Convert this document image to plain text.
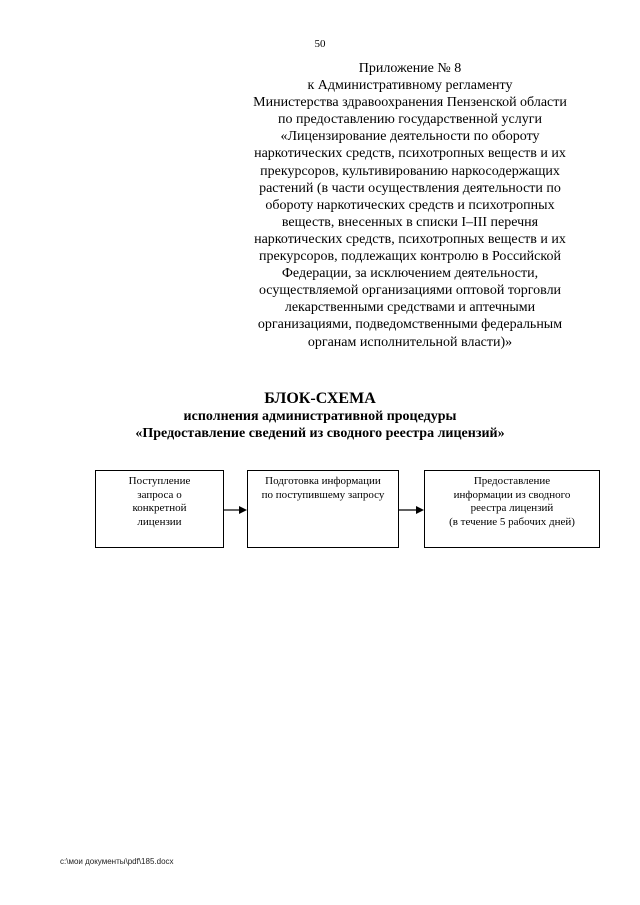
50
Приложение № 8
к Административному регламенту
Министерства здравоохранения Пензенской области
по предоставлению государственной услуги
«Лицензирование деятельности по обороту
наркотических средств, психотропных веществ и их
прекурсоров, культивированию наркосодержащих
растений (в части осуществления деятельности по
обороту наркотических средств и психотропных
веществ, внесенных в списки I–III перечня
наркотических средств, психотропных веществ и их
прекурсоров, подлежащих контролю в Российской
Федерации, за исключением деятельности,
осуществляемой организациями оптовой торговли
лекарственными средствами и аптечными
организациями, подведомственными федеральным
органам исполнительной власти)»
БЛОК-СХЕМА
исполнения административной процедуры
«Предоставление сведений из сводного реестра лицензий»
Поступление
запроса о
конкретной
лицензии
Подготовка информации
по поступившему запросу
Предоставление
информации из сводного
реестра лицензий
(в течение 5 рабочих дней)
c:\мои документы\pdf\185.docx
